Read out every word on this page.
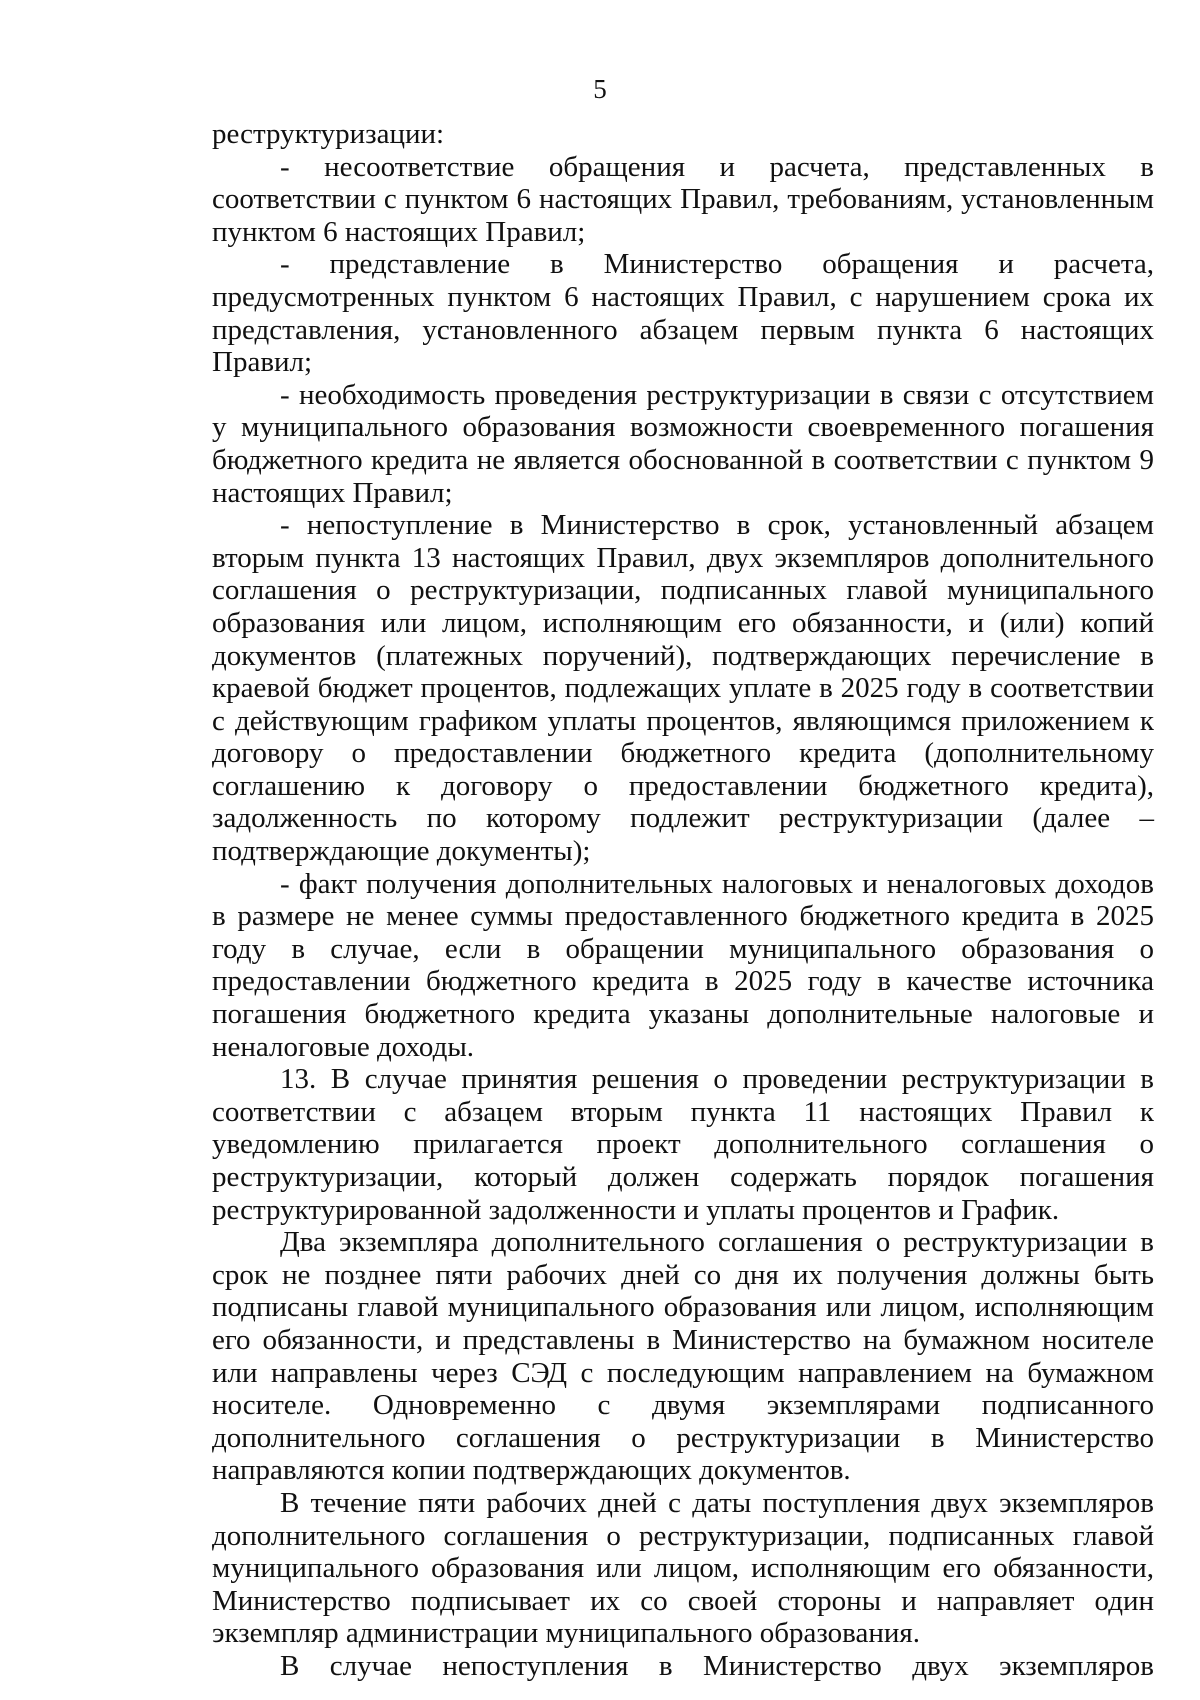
5

реструктуризации:

- несоответствие обращения и расчета, представленных в соответствии с пунктом 6 настоящих Правил, требованиям, установленным пунктом 6 настоящих Правил;

- представление в Министерство обращения и расчета, предусмотренных пунктом 6 настоящих Правил, с нарушением срока их представления, установленного абзацем первым пункта 6 настоящих Правил;

- необходимость проведения реструктуризации в связи с отсутствием у муниципального образования возможности своевременного погашения бюджетного кредита не является обоснованной в соответствии с пунктом 9 настоящих Правил;

- непоступление в Министерство в срок, установленный абзацем вторым пункта 13 настоящих Правил, двух экземпляров дополнительного соглашения о реструктуризации, подписанных главой муниципального образования или лицом, исполняющим его обязанности, и (или) копий документов (платежных поручений), подтверждающих перечисление в краевой бюджет процентов, подлежащих уплате в 2025 году в соответствии с действующим графиком уплаты процентов, являющимся приложением к договору о предоставлении бюджетного кредита (дополнительному соглашению к договору о предоставлении бюджетного кредита), задолженность по которому подлежит реструктуризации (далее – подтверждающие документы);

- факт получения дополнительных налоговых и неналоговых доходов в размере не менее суммы предоставленного бюджетного кредита в 2025 году в случае, если в обращении муниципального образования о предоставлении бюджетного кредита в 2025 году в качестве источника погашения бюджетного кредита указаны дополнительные налоговые и неналоговые доходы.

13. В случае принятия решения о проведении реструктуризации в соответствии с абзацем вторым пункта 11 настоящих Правил к уведомлению прилагается проект дополнительного соглашения о реструктуризации, который должен содержать порядок погашения реструктурированной задолженности и уплаты процентов и График.

Два экземпляра дополнительного соглашения о реструктуризации в срок не позднее пяти рабочих дней со дня их получения должны быть подписаны главой муниципального образования или лицом, исполняющим его обязанности, и представлены в Министерство на бумажном носителе или направлены через СЭД с последующим направлением на бумажном носителе. Одновременно с двумя экземплярами подписанного дополнительного соглашения о реструктуризации в Министерство направляются копии подтверждающих документов.

В течение пяти рабочих дней с даты поступления двух экземпляров дополнительного соглашения о реструктуризации, подписанных главой муниципального образования или лицом, исполняющим его обязанности, Министерство подписывает их со своей стороны и направляет один экземпляр администрации муниципального образования.

В случае непоступления в Министерство двух экземпляров
